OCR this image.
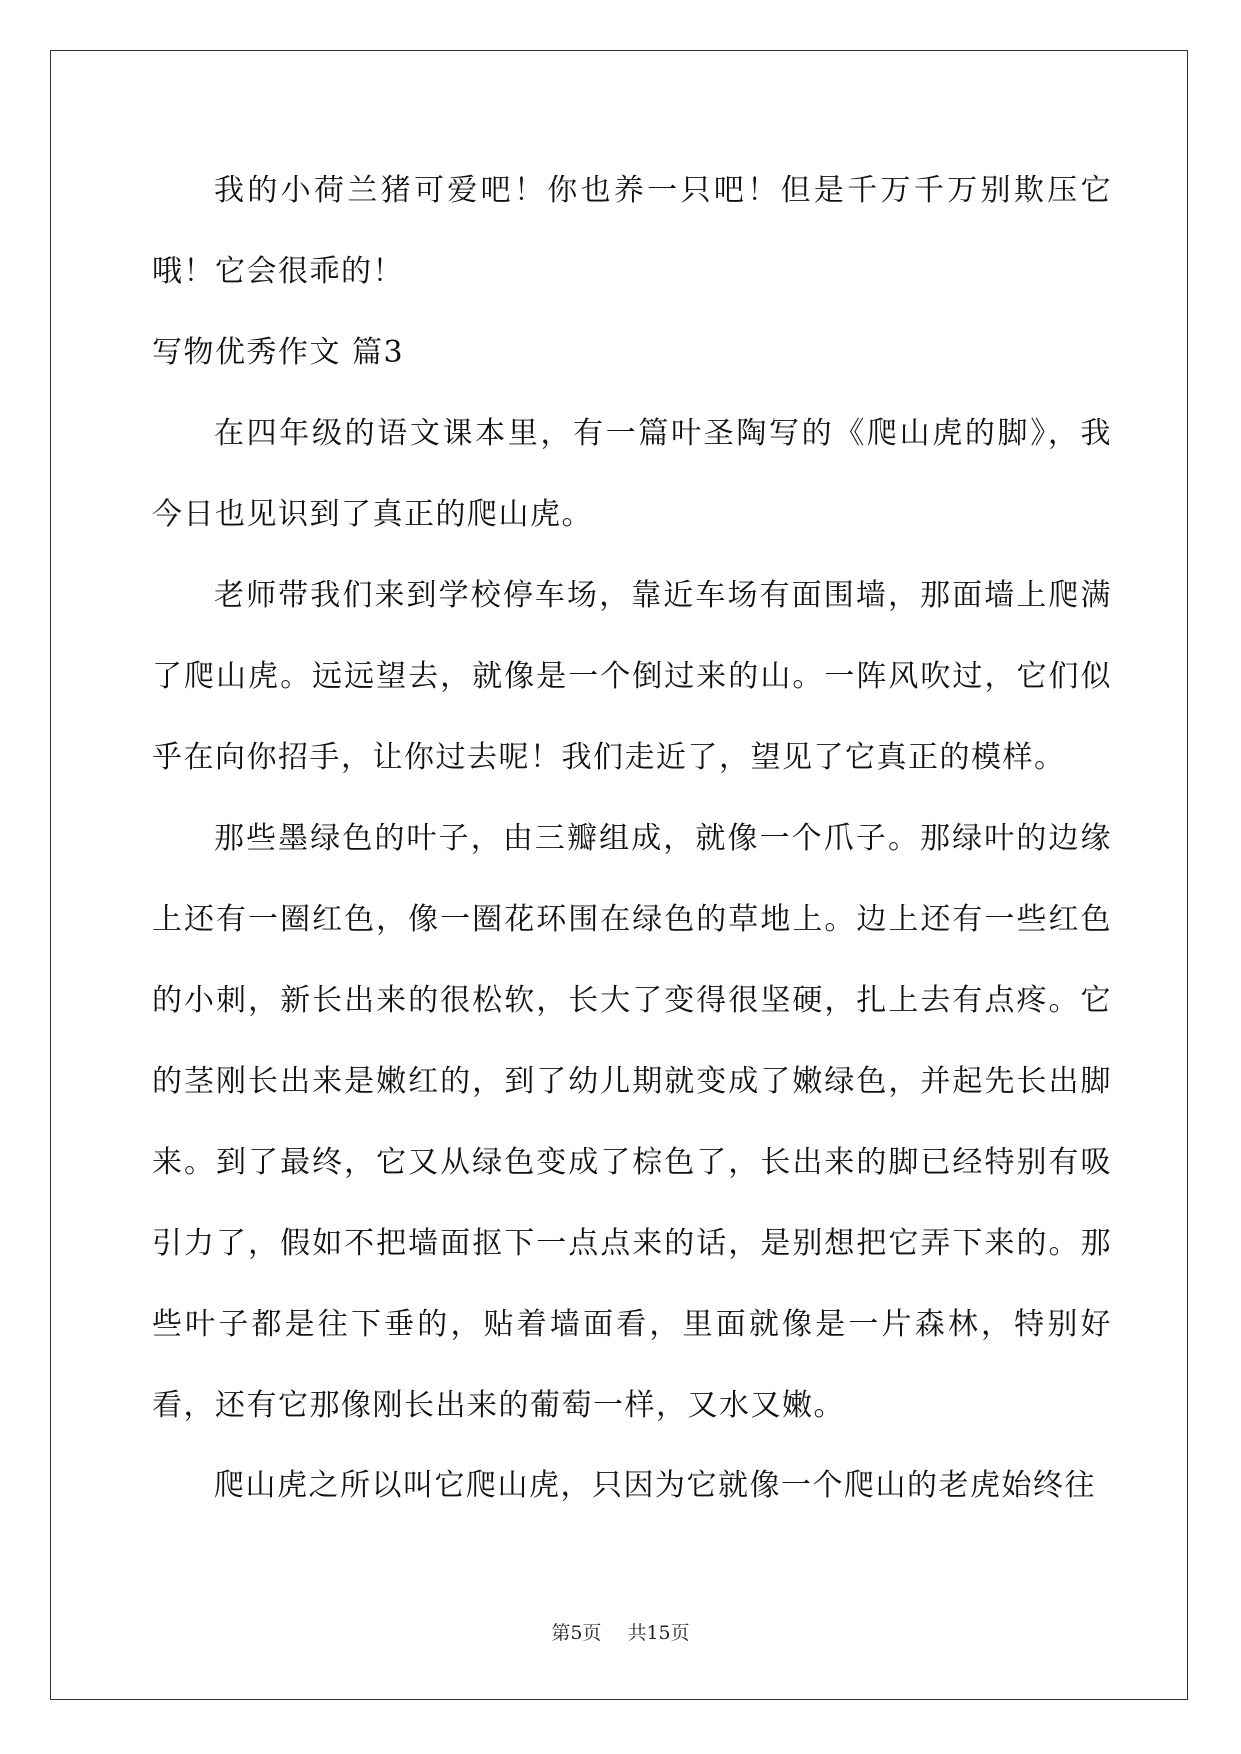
我的小荷兰猪可爱吧！你也养一只吧！但是千万千万别欺压它哦！它会很乖的！

写物优秀作文 篇3

在四年级的语文课本里，有一篇叶圣陶写的《爬山虎的脚》，我今日也见识到了真正的爬山虎。

老师带我们来到学校停车场，靠近车场有面围墙，那面墙上爬满了爬山虎。远远望去，就像是一个倒过来的山。一阵风吹过，它们似乎在向你招手，让你过去呢！我们走近了，望见了它真正的模样。

那些墨绿色的叶子，由三瓣组成，就像一个爪子。那绿叶的边缘上还有一圈红色，像一圈花环围在绿色的草地上。边上还有一些红色的小刺，新长出来的很松软，长大了变得很坚硬，扎上去有点疼。它的茎刚长出来是嫩红的，到了幼儿期就变成了嫩绿色，并起先长出脚来。到了最终，它又从绿色变成了棕色了，长出来的脚已经特别有吸引力了，假如不把墙面抠下一点点来的话，是别想把它弄下来的。那些叶子都是往下垂的，贴着墙面看，里面就像是一片森林，特别好看，还有它那像刚长出来的葡萄一样，又水又嫩。

爬山虎之所以叫它爬山虎，只因为它就像一个爬山的老虎始终往

第5页 共15页
